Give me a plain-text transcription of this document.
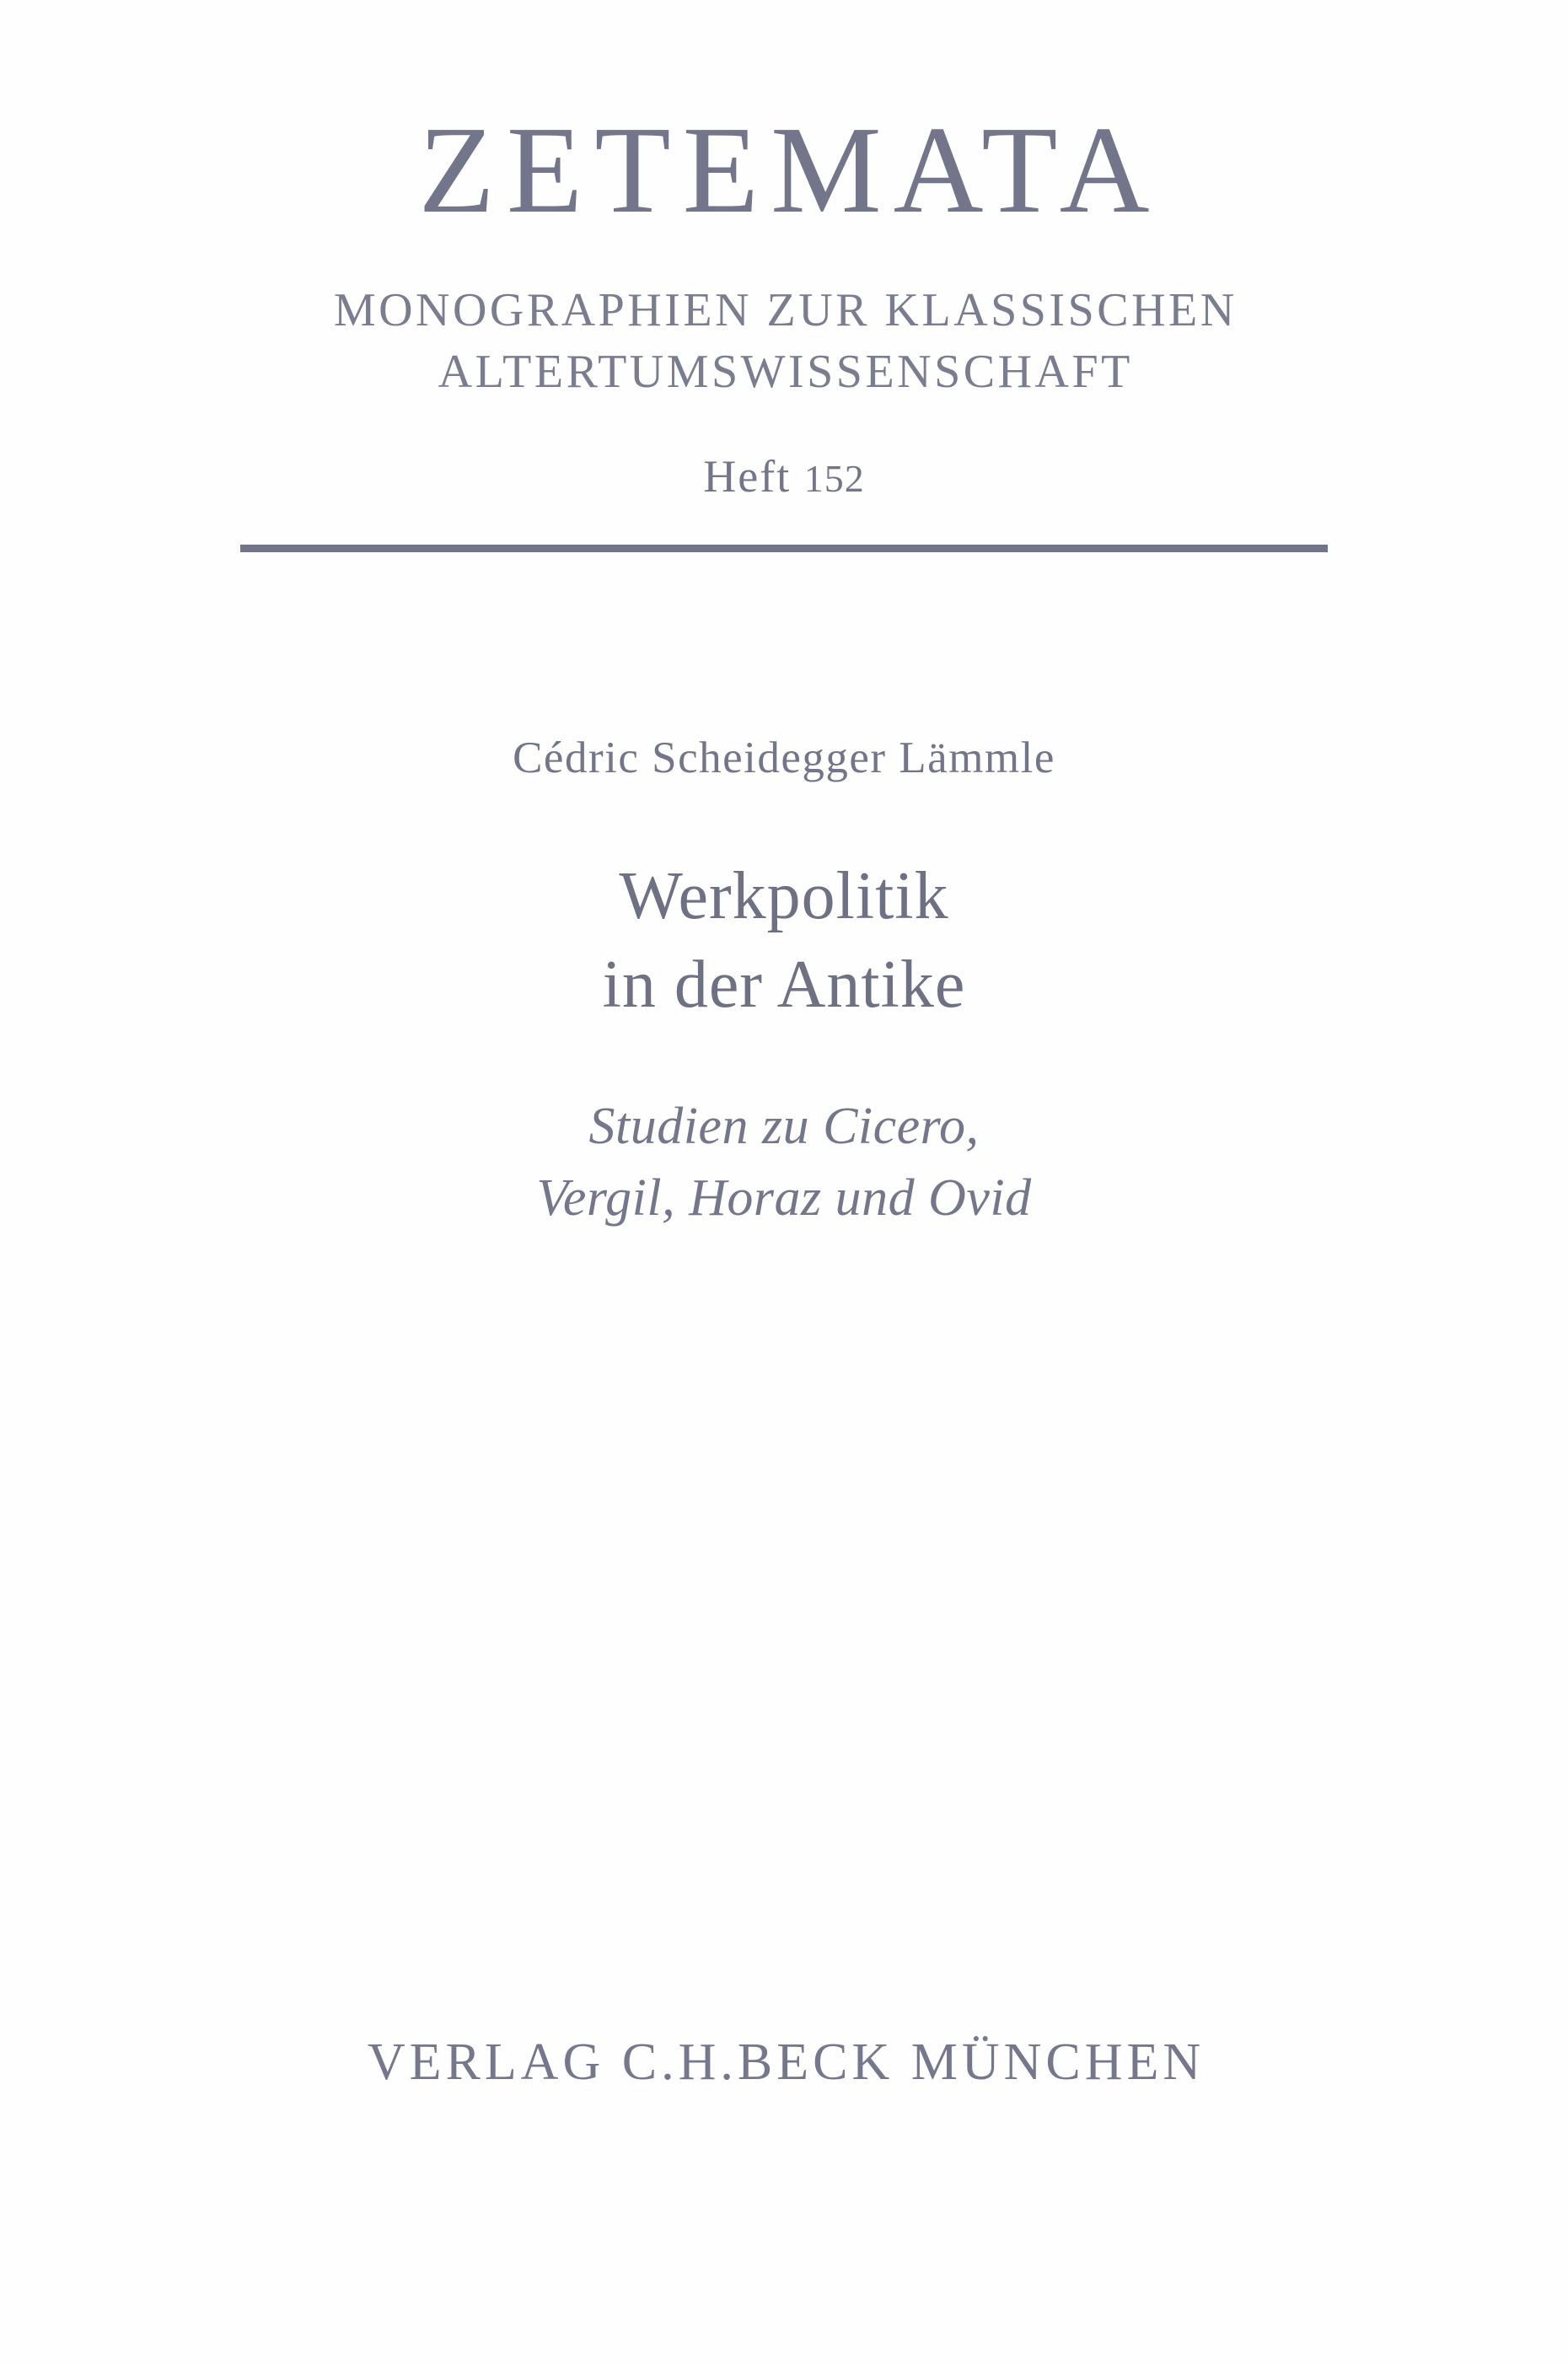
ZETEMATA
MONOGRAPHIEN ZUR KLASSISCHEN
ALTERTUMSWISSENSCHAFT
Heft 152
Cédric Scheidegger Lämmle
Werkpolitik
in der Antike
Studien zu Cicero,
Vergil, Horaz und Ovid
VERLAG C.H.BECK MÜNCHEN
